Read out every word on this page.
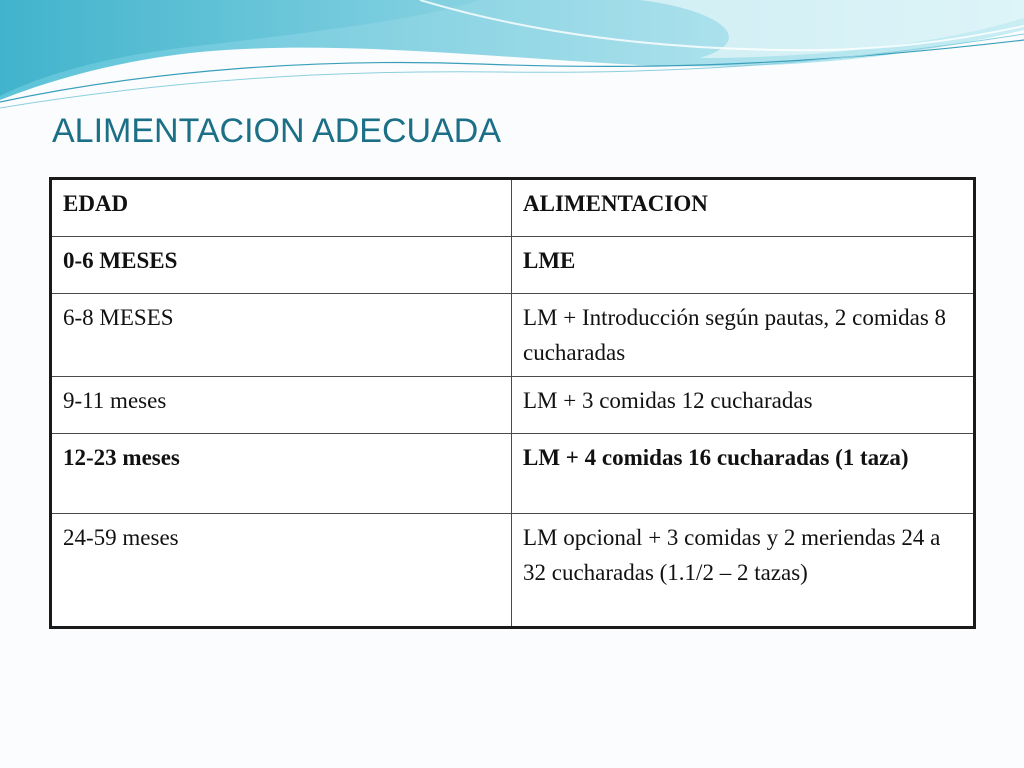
ALIMENTACION ADECUADA
EDAD	ALIMENTACION
0-6 MESES	LME
6-8 MESES	LM + Introducción según pautas, 2 comidas 8 cucharadas
9-11 meses	LM + 3 comidas 12 cucharadas
12-23 meses	LM + 4 comidas 16 cucharadas (1 taza)
24-59 meses	LM opcional + 3 comidas y 2 meriendas 24 a 32 cucharadas (1.1/2 – 2 tazas)
